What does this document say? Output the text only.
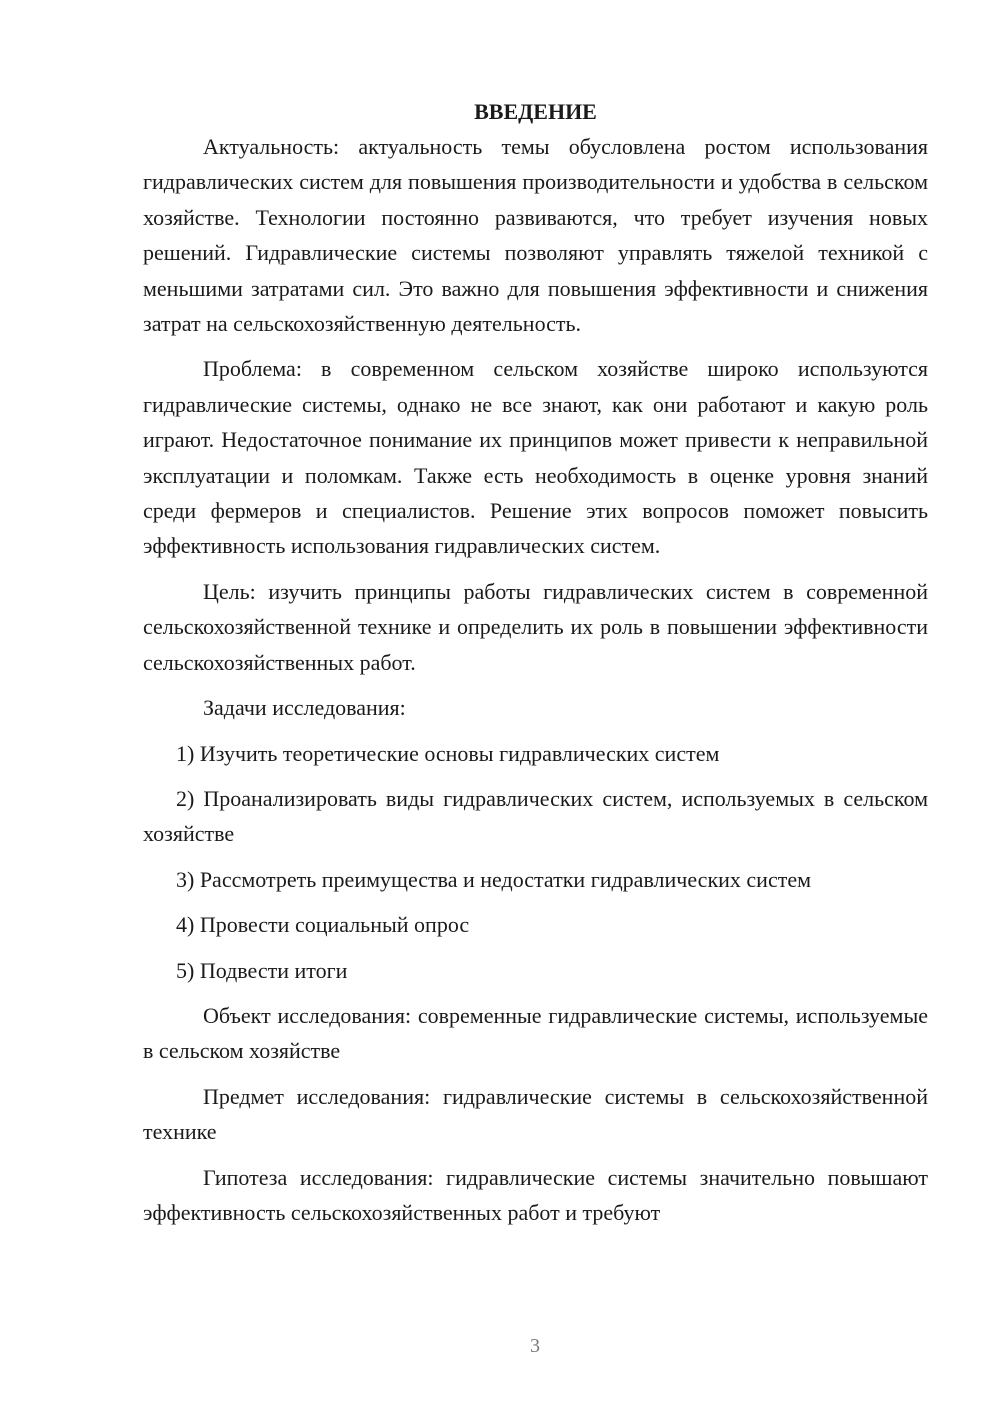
ВВЕДЕНИЕ

Актуальность: актуальность темы обусловлена ростом использования гидравлических систем для повышения производительности и удобства в сельском хозяйстве. Технологии постоянно развиваются, что требует изучения новых решений. Гидравлические системы позволяют управлять тяжелой техникой с меньшими затратами сил. Это важно для повышения эффективности и снижения затрат на сельскохозяйственную деятельность.

Проблема: в современном сельском хозяйстве широко используются гидравлические системы, однако не все знают, как они работают и какую роль играют. Недостаточное понимание их принципов может привести к неправильной эксплуатации и поломкам. Также есть необходимость в оценке уровня знаний среди фермеров и специалистов. Решение этих вопросов поможет повысить эффективность использования гидравлических систем.

Цель: изучить принципы работы гидравлических систем в современной сельскохозяйственной технике и определить их роль в повышении эффективности сельскохозяйственных работ.

Задачи исследования:

1) Изучить теоретические основы гидравлических систем

2) Проанализировать виды гидравлических систем, используемых в сельском хозяйстве

3) Рассмотреть преимущества и недостатки гидравлических систем

4) Провести социальный опрос

5) Подвести итоги

Объект исследования: современные гидравлические системы, используемые в сельском хозяйстве

Предмет исследования: гидравлические системы в сельскохозяйственной технике

Гипотеза исследования: гидравлические системы значительно повышают эффективность сельскохозяйственных работ и требуют

3
